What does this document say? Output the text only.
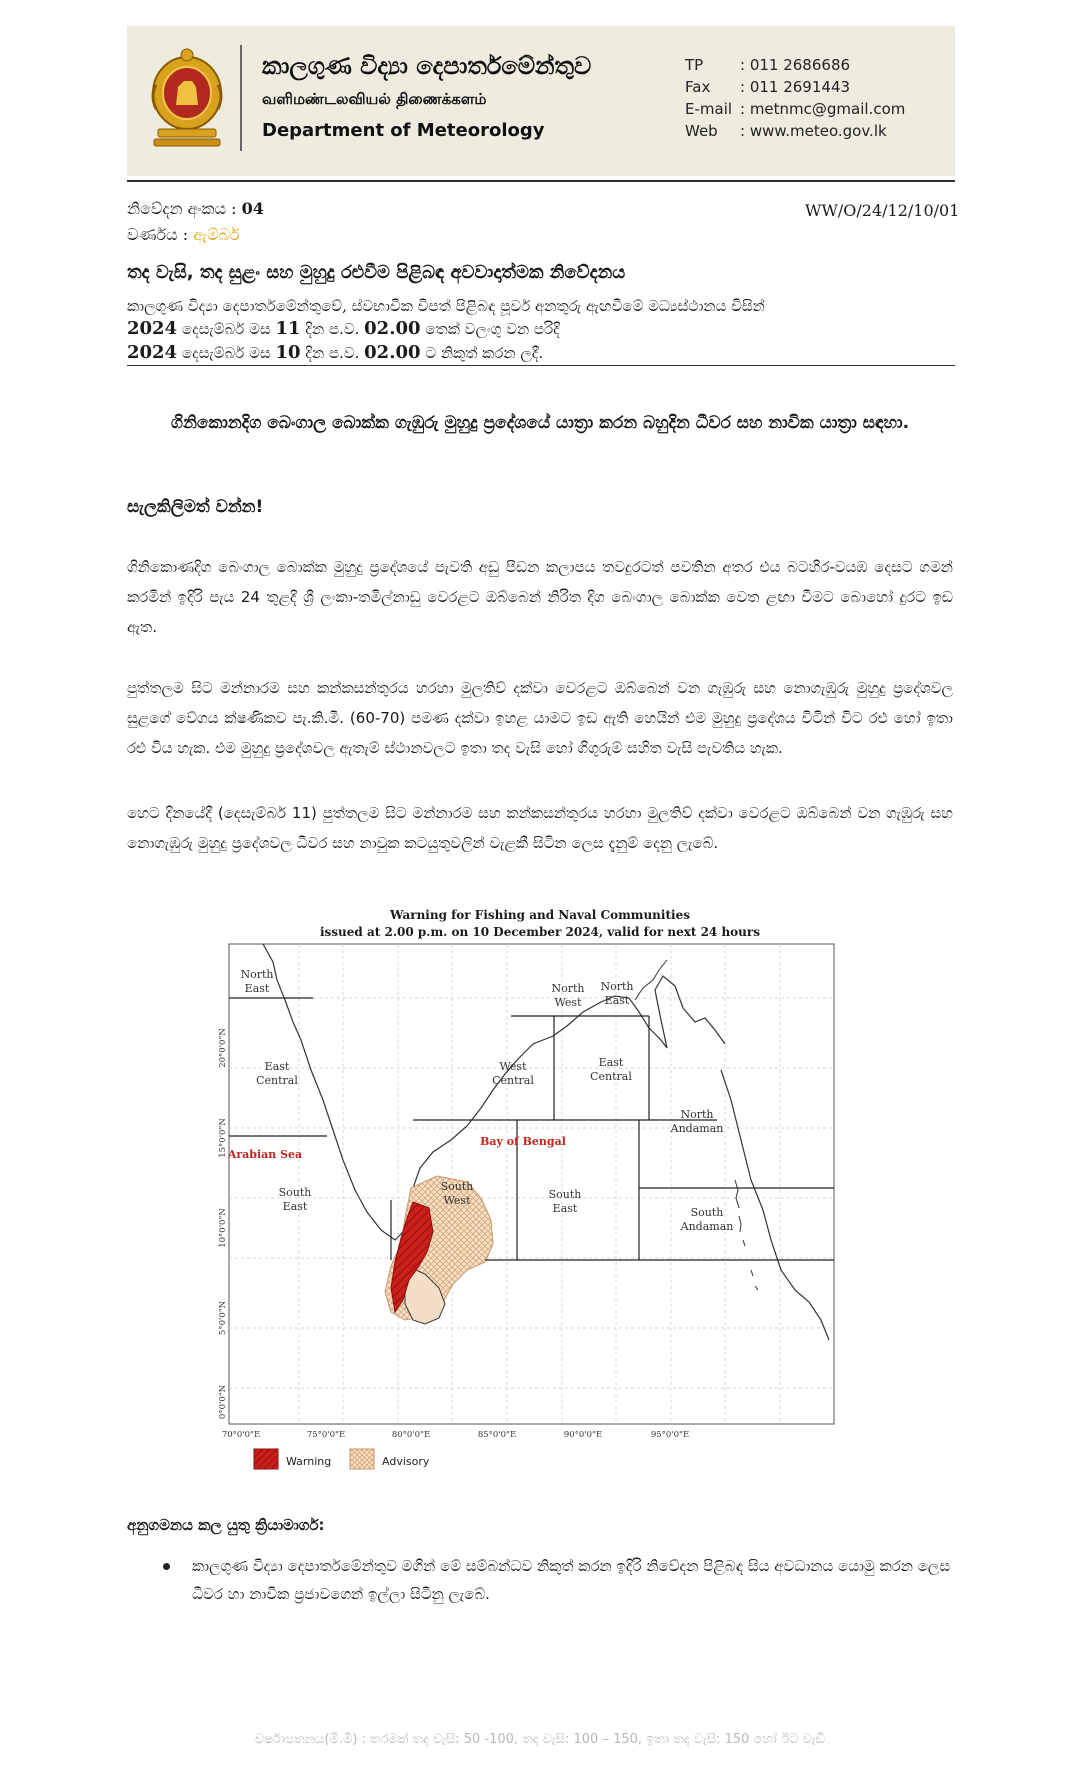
කාලගුණ විද්‍යා දෙපාර්තමේන්තුව
வளிமண்டலவியல் திணைக்களம்
Department of Meteorology
TP : 011 2686686
Fax : 011 2691443
E-mail : metnmc@gmail.com
Web : www.meteo.gov.lk
නිවේදන අංකය : 04
වර්ණය : ඇම්බර්
WW/O/24/12/10/01
තද වැසි, තද සුළං සහ මුහුදු රළුවීම පිළිබඳ අවවාදාත්මක නිවේදනය
කාලගුණ විද්‍යා දෙපාර්තමේන්තුවේ, ස්වභාවික විපත් පිළිබඳ පූර්ව අනතුරු ඇඟවීමේ මධ්‍යස්ථානය විසින්
2024 දෙසැම්බර් මස 11 දින ප.ව. 02.00 තෙක් වලංගු වන පරිදි
2024 දෙසැම්බර් මස 10 දින ප.ව. 02.00 ට නිකුත් කරන ලදී.
ගිනිකොනදිග බෙංගාල බොක්ක ගැඹුරු මුහුදු ප්‍රදේශයේ යාත්‍රා කරන බහුදින ධීවර සහ නාවික යාත්‍රා සඳහා.
සැලකිලිමත් වන්න!
ගිනිකොණදිග බෙංගාල බොක්ක මුහුදු ප්‍රදේශයේ පැවති අඩු පීඩන කලාපය තවදුරටත් පවතින අතර එය බටහිර-වයඹ දෙසට ගමන් කරමින් ඉදිරි පැය 24 තුළදී ශ්‍රී ලංකා-තමිල්නාඩු වෙරළට ඔබ්බෙන් නිරිත දිග බෙංගාල බොක්ක වෙත ළඟා වීමට බොහෝ දුරට ඉඩ ඇත.
පුත්තලම සිට මන්නාරම සහ කන්කසන්තුරය හරහා මුලතිව් දක්වා වෙරළට ඔබ්බෙන් වන ගැඹුරු සහ නොගැඹුරු මුහුදු ප්‍රදේශවල සුළගේ වේගය ක්ෂණිකව පැ.කි.මී. (60-70) පමණ දක්වා ඉහළ යාමට ඉඩ ඇති හෙයින් එම මුහුදු ප්‍රදේශය විටින් විට රළු හෝ ඉතා රළු විය හැක. එම මුහුදු ප්‍රදේශවල ඇතැම් ස්ථානවලට ඉතා තද වැසි හෝ ගිගුරුම් සහිත වැසි පැවතිය හැක.
හෙට දිනයේදී (දෙසැම්බර් 11) පුත්තලම සිට මන්නාරම සහ කන්කසන්තුරය හරහා මුලතිව් දක්වා වෙරළට ඔබ්බෙන් වන ගැඹුරු සහ නොගැඹුරු මුහුදු ප්‍රදේශවල ධීවර සහ නාවුක කටයුතුවලින් වැළකී සිටින ලෙස දැනුම් දෙනු ලැබේ.
Warning for Fishing and Naval Communities
issued at 2.00 p.m. on 10 December 2024, valid for next 24 hours
North
East
East
Central
South
East
North
West
North
East
West
Central
East
Central
North
Andaman
South
West	South
East	South
Andaman
Arabian Sea
Bay of Bengal
70°0'0"E	75°0'0"E	80°0'0"E	85°0'0"E	90°0'0"E	95°0'0"E
0°0'0"N
5°0'0"N
10°0'0"N
15°0'0"N
20°0'0"N
Warning	Advisory
අනුගමනය කල යුතු ක්‍රියාමාර්ග:
කාලගුණ විද්‍යා දෙපාර්තමේන්තුව මගින් මේ සම්බන්ධව නිකුත් කරන ඉදිරි නිවේදන පිළිබඳ සිය අවධානය යොමු කරන ලෙස ධීවර හා නාවික ප්‍රජාවගෙන් ඉල්ලා සිටිනු ලැබේ.
වර්ෂාපතනය(මි.මී) : තරමක් තද වැසි: 50 -100, තද වැසි: 100 – 150, ඉතා තද වැසි: 150 හෝ ඊට වැඩි
